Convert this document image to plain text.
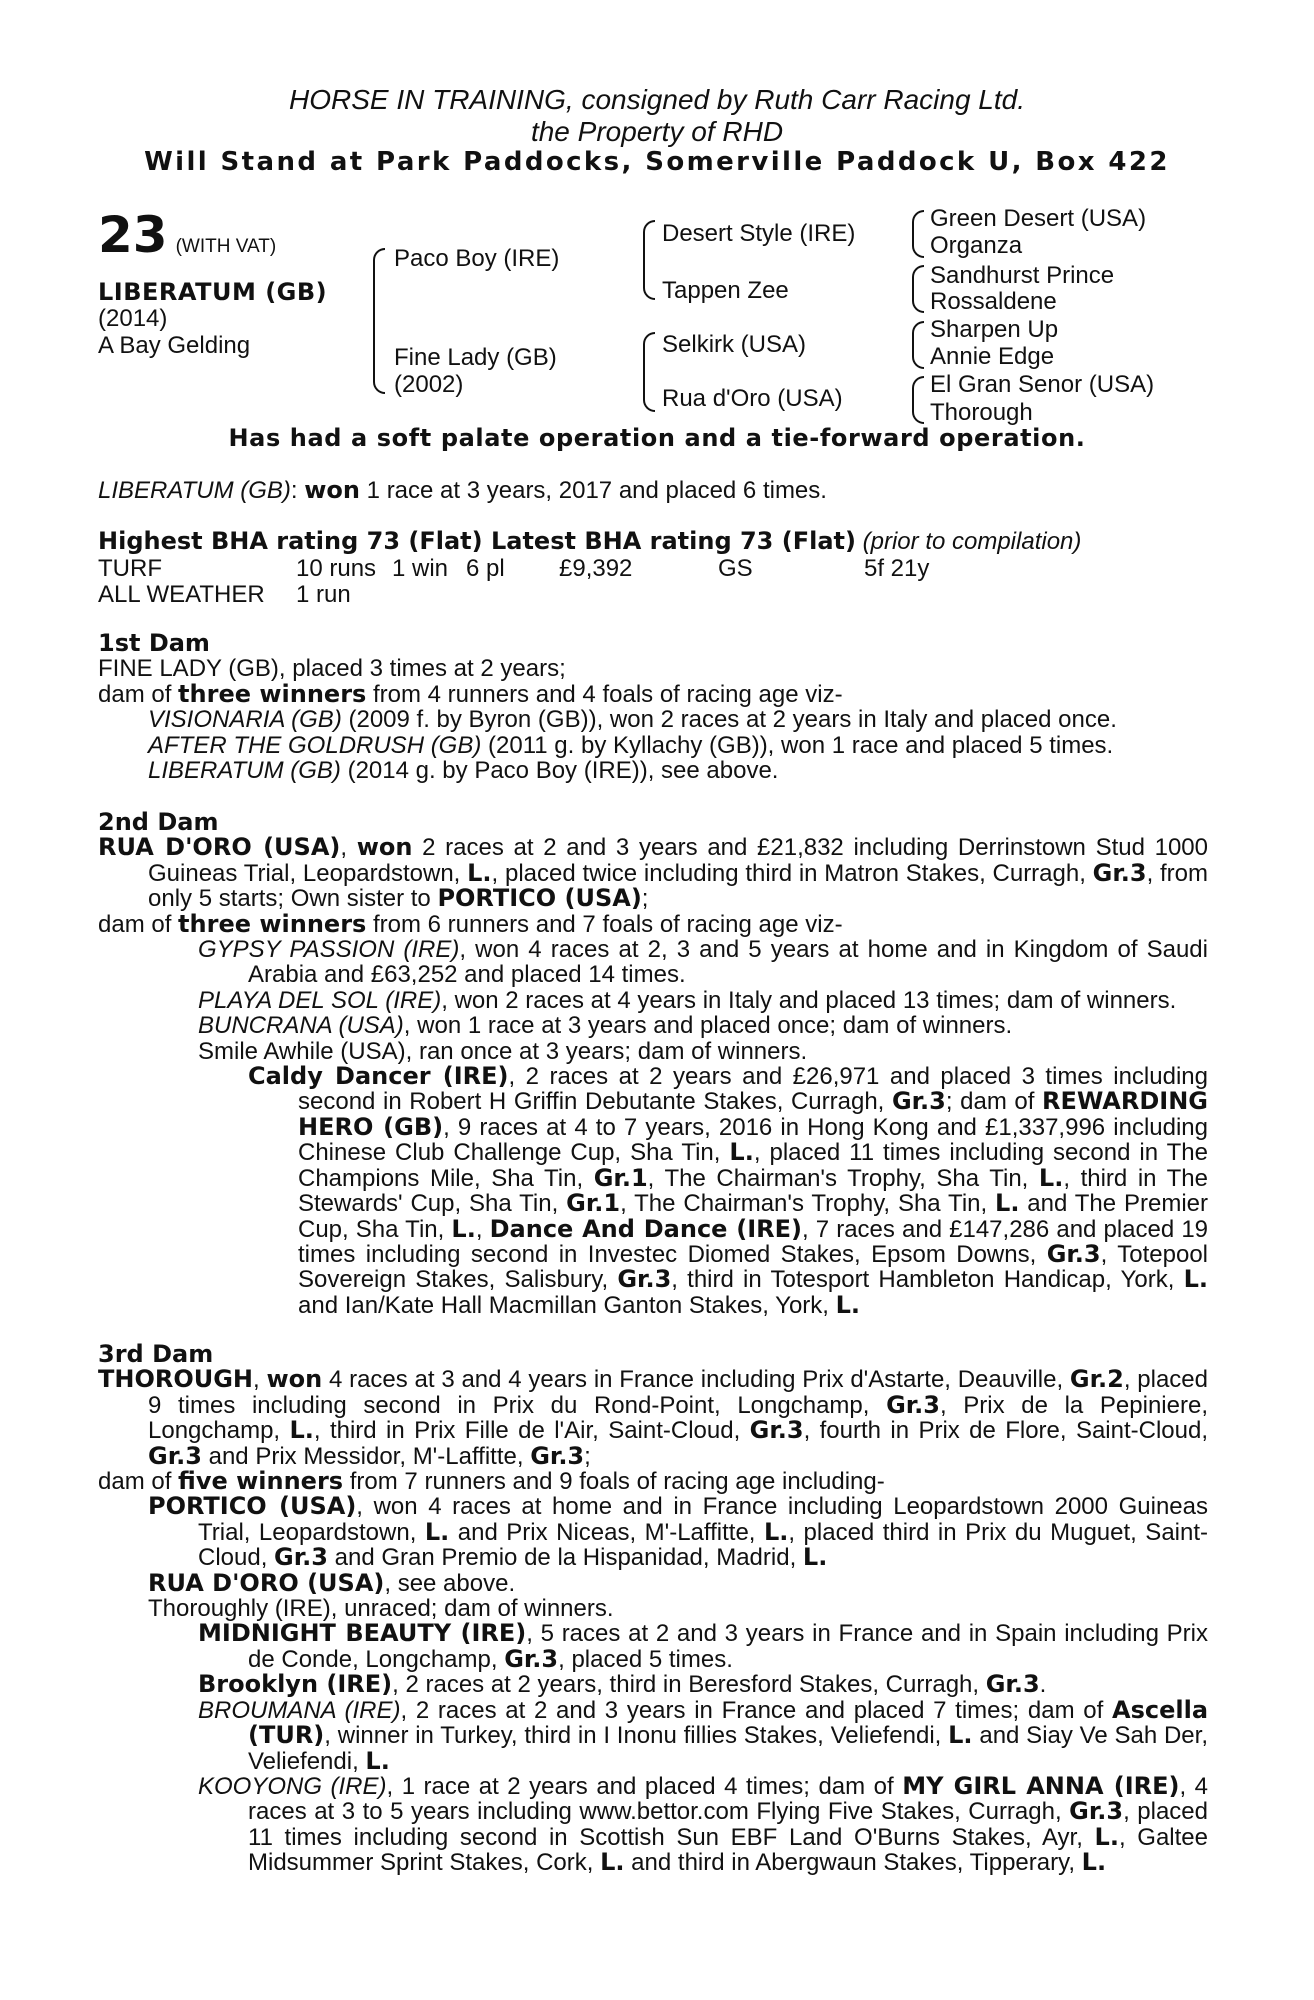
HORSE IN TRAINING, consigned by Ruth Carr Racing Ltd.
the Property of RHD
Will Stand at Park Paddocks, Somerville Paddock U, Box 422
23 (WITH VAT)
LIBERATUM (GB)
(2014)
A Bay Gelding
Paco Boy (IRE)
Fine Lady (GB)
(2002)
Desert Style (IRE)
Tappen Zee
Selkirk (USA)
Rua d'Oro (USA)
Green Desert (USA)
Organza
Sandhurst Prince
Rossaldene
Sharpen Up
Annie Edge
El Gran Senor (USA)
Thorough
Has had a soft palate operation and a tie-forward operation.

LIBERATUM (GB): won 1 race at 3 years, 2017 and placed 6 times.

Highest BHA rating 73 (Flat) Latest BHA rating 73 (Flat) (prior to compilation)

TURF	10 runs 1 win 6 pl £9,392	GS	5f 21y
ALL WEATHER 1 run

1st Dam

FINE LADY (GB), placed 3 times at 2 years;

dam of three winners from 4 runners and 4 foals of racing age viz-

VISIONARIA (GB) (2009 f. by Byron (GB)), won 2 races at 2 years in Italy and placed once.

AFTER THE GOLDRUSH (GB) (2011 g. by Kyllachy (GB)), won 1 race and placed 5 times.

LIBERATUM (GB) (2014 g. by Paco Boy (IRE)), see above.

2nd Dam

RUA D'ORO (USA), won 2 races at 2 and 3 years and £21,832 including Derrinstown Stud 1000 Guineas Trial, Leopardstown, L., placed twice including third in Matron Stakes, Curragh, Gr.3, from only 5 starts; Own sister to PORTICO (USA);

dam of three winners from 6 runners and 7 foals of racing age viz-

GYPSY PASSION (IRE), won 4 races at 2, 3 and 5 years at home and in Kingdom of Saudi Arabia and £63,252 and placed 14 times.

PLAYA DEL SOL (IRE), won 2 races at 4 years in Italy and placed 13 times; dam of winners.

BUNCRANA (USA), won 1 race at 3 years and placed once; dam of winners.

Smile Awhile (USA), ran once at 3 years; dam of winners.

Caldy Dancer (IRE), 2 races at 2 years and £26,971 and placed 3 times including second in Robert H Griffin Debutante Stakes, Curragh, Gr.3; dam of REWARDING HERO (GB), 9 races at 4 to 7 years, 2016 in Hong Kong and £1,337,996 including Chinese Club Challenge Cup, Sha Tin, L., placed 11 times including second in The Champions Mile, Sha Tin, Gr.1, The Chairman's Trophy, Sha Tin, L., third in The Stewards' Cup, Sha Tin, Gr.1, The Chairman's Trophy, Sha Tin, L. and The Premier Cup, Sha Tin, L., Dance And Dance (IRE), 7 races and £147,286 and placed 19 times including second in Investec Diomed Stakes, Epsom Downs, Gr.3, Totepool Sovereign Stakes, Salisbury, Gr.3, third in Totesport Hambleton Handicap, York, L. and Ian/Kate Hall Macmillan Ganton Stakes, York, L.

3rd Dam

THOROUGH, won 4 races at 3 and 4 years in France including Prix d'Astarte, Deauville, Gr.2, placed 9 times including second in Prix du Rond-Point, Longchamp, Gr.3, Prix de la Pepiniere, Longchamp, L., third in Prix Fille de l'Air, Saint-Cloud, Gr.3, fourth in Prix de Flore, Saint-Cloud, Gr.3 and Prix Messidor, M'-Laffitte, Gr.3;

dam of five winners from 7 runners and 9 foals of racing age including-

PORTICO (USA), won 4 races at home and in France including Leopardstown 2000 Guineas Trial, Leopardstown, L. and Prix Niceas, M'-Laffitte, L., placed third in Prix du Muguet, Saint-Cloud, Gr.3 and Gran Premio de la Hispanidad, Madrid, L.

RUA D'ORO (USA), see above.

Thoroughly (IRE), unraced; dam of winners.

MIDNIGHT BEAUTY (IRE), 5 races at 2 and 3 years in France and in Spain including Prix de Conde, Longchamp, Gr.3, placed 5 times.

Brooklyn (IRE), 2 races at 2 years, third in Beresford Stakes, Curragh, Gr.3.

BROUMANA (IRE), 2 races at 2 and 3 years in France and placed 7 times; dam of Ascella (TUR), winner in Turkey, third in I Inonu fillies Stakes, Veliefendi, L. and Siay Ve Sah Der, Veliefendi, L.

KOOYONG (IRE), 1 race at 2 years and placed 4 times; dam of MY GIRL ANNA (IRE), 4 races at 3 to 5 years including www.bettor.com Flying Five Stakes, Curragh, Gr.3, placed 11 times including second in Scottish Sun EBF Land O'Burns Stakes, Ayr, L., Galtee Midsummer Sprint Stakes, Cork, L. and third in Abergwaun Stakes, Tipperary, L.
